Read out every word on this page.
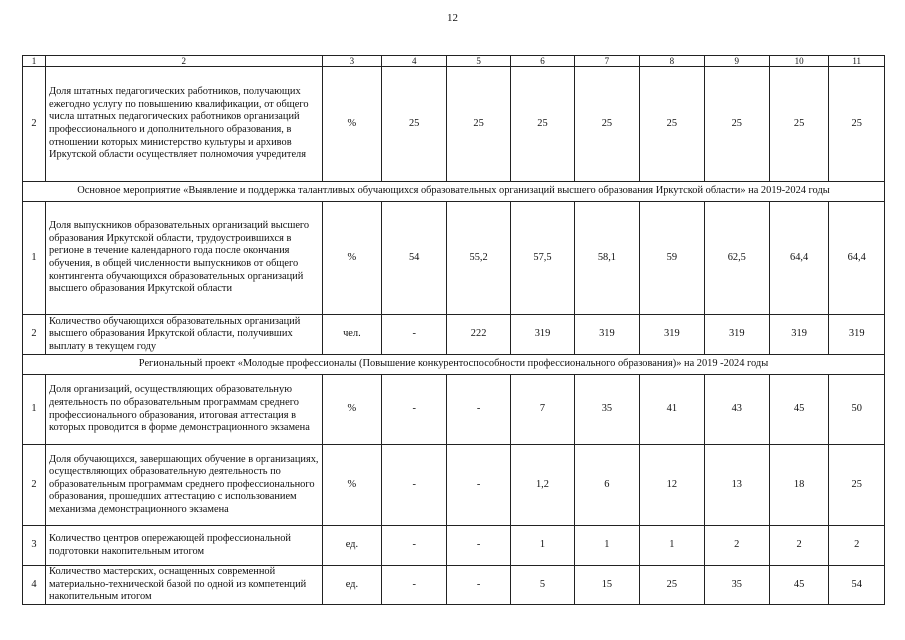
12
1	2	3	4	5	6	7	8	9	10	11
2	Доля штатных педагогических работников, получающих ежегодно услугу по повышению квалификации, от общего числа штатных педагогических работников организаций профессионального и дополнительного образования, в отношении которых министерство культуры и архивов Иркутской области осуществляет полномочия учредителя	%	25	25	25	25	25	25	25	25
Основное мероприятие «Выявление и поддержка талантливых обучающихся образовательных организаций высшего образования Иркутской области» на 2019-2024 годы										
1	Доля выпускников образовательных организаций высшего образования Иркутской области, трудоустроившихся в регионе в течение календарного года после окончания обучения, в общей численности выпускников от общего контингента обучающихся образовательных организаций высшего образования Иркутской области	%	54	55,2	57,5	58,1	59	62,5	64,4	64,4
2	Количество обучающихся образовательных организаций высшего образования Иркутской области, получивших выплату в текущем году	чел.	-	222	319	319	319	319	319	319
Региональный проект «Молодые профессионалы (Повышение конкурентоспособности профессионального образования)» на 2019 -2024 годы										
1	Доля организаций, осуществляющих образовательную деятельность по образовательным программам среднего профессионального образования, итоговая аттестация в которых проводится в форме демонстрационного экзамена	%	-	-	7	35	41	43	45	50
2	Доля обучающихся, завершающих обучение в организациях, осуществляющих образовательную деятельность по образовательным программам среднего профессионального образования, прошедших аттестацию с использованием механизма демонстрационного экзамена	%	-	-	1,2	6	12	13	18	25
3	Количество центров опережающей профессиональной подготовки накопительным итогом	ед.	-	-	1	1	1	2	2	2
4	Количество мастерских, оснащенных современной материально-технической базой по одной из компетенций накопительным итогом	ед.	-	-	5	15	25	35	45	54
